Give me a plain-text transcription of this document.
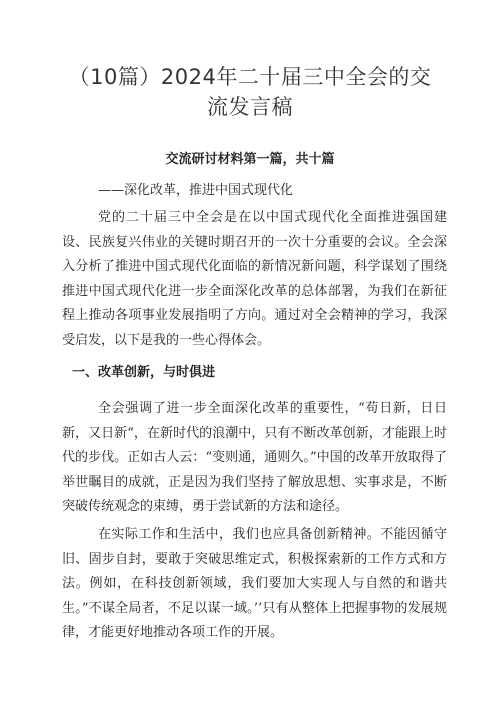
（10篇）2024年二十届三中全会的交流发言稿
交流研讨材料第一篇，共十篇
——深化改革，推进中国式现代化

党的二十届三中全会是在以中国式现代化全面推进强国建设、民族复兴伟业的关键时期召开的一次十分重要的会议。全会深入分析了推进中国式现代化面临的新情况新问题，科学谋划了围绕推进中国式现代化进一步全面深化改革的总体部署，为我们在新征程上推动各项事业发展指明了方向。通过对全会精神的学习，我深受启发，以下是我的一些心得体会。

一、改革创新，与时俱进

全会强调了进一步全面深化改革的重要性，“苟日新，日日新，又日新“，在新时代的浪潮中，只有不断改革创新，才能跟上时代的步伐。正如古人云：“变则通，通则久。”中国的改革开放取得了举世瞩目的成就，正是因为我们坚持了解放思想、实事求是，不断突破传统观念的束缚，勇于尝试新的方法和途径。

在实际工作和生活中，我们也应具备创新精神。不能因循守旧、固步自封，要敢于突破思维定式，积极探索新的工作方式和方法。例如，在科技创新领域，我们要加大实现人与自然的和谐共生。”不谋全局者，不足以谋一域。’’只有从整体上把握事物的发展规律，才能更好地推动各项工作的开展。
